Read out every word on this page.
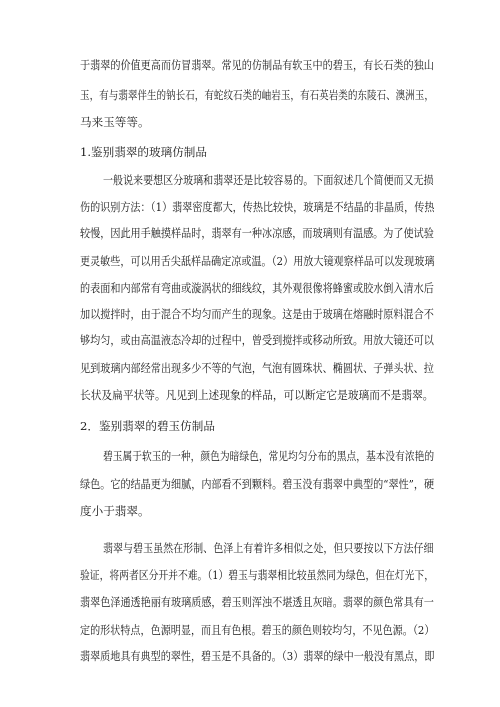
于翡翠的价值更高而仿冒翡翠。常见的仿制品有软玉中的碧玉，有长石类的独山
玉，有与翡翠伴生的钠长石，有蛇纹石类的岫岩玉，有石英岩类的东陵石、澳洲玉，
马来玉等等。
1.鉴别翡翠的玻璃仿制品
一般说来要想区分玻璃和翡翠还是比较容易的。下面叙述几个简便而又无损
伤的识别方法：（1）翡翠密度都大，传热比较快，玻璃是不结晶的非晶质，传热
较慢，因此用手触摸样品时，翡翠有一种冰凉感，而玻璃则有温感。为了使试验
更灵敏些，可以用舌尖舐样品确定凉或温。（2）用放大镜观察样品可以发现玻璃
的表面和内部常有弯曲或漩涡状的细线纹，其外观很像将蜂蜜或胶水倒入清水后
加以搅拌时，由于混合不均匀而产生的现象。这是由于玻璃在熔融时原料混合不
够均匀，或由高温液态冷却的过程中，曾受到搅拌或移动所致。用放大镜还可以
见到玻璃内部经常出现多少不等的气泡，气泡有圆珠状、椭圆状、子弹头状、拉
长状及扁平状等。凡见到上述现象的样品，可以断定它是玻璃而不是翡翠。
2．鉴别翡翠的碧玉仿制品
碧玉属于软玉的一种，颜色为暗绿色，常见均匀分布的黑点，基本没有浓艳的
绿色。它的结晶更为细腻，内部看不到颗料。碧玉没有翡翠中典型的“翠性”，硬
度小于翡翠。
翡翠与碧玉虽然在形制、色泽上有着许多相似之处，但只要按以下方法仔细
验证，将两者区分开并不难。（1）碧玉与翡翠相比较虽然同为绿色，但在灯光下，
翡翠色泽通透艳丽有玻璃质感，碧玉则浑浊不堪透且灰暗。翡翠的颜色常具有一
定的形状特点，色源明显，而且有色根。碧玉的颜色则较均匀，不见色源。（2）
翡翠质地具有典型的翠性，碧玉是不具备的。（3）翡翠的绿中一般没有黑点，即
